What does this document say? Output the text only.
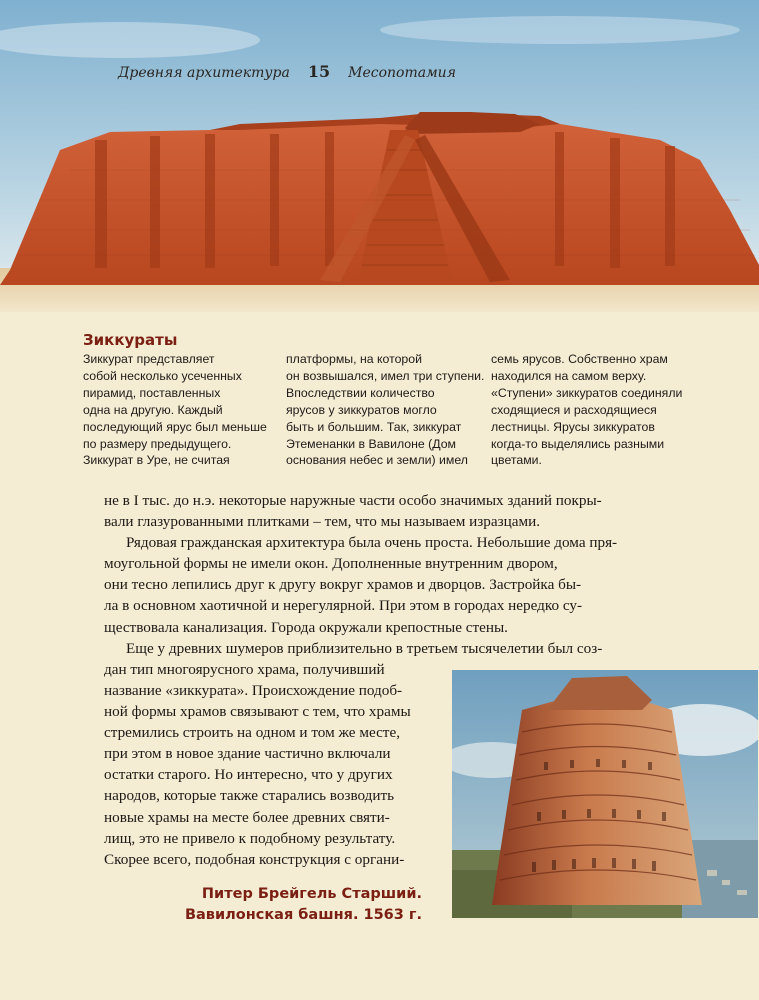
Древняя архитектура 15 Месопотамия
Зиккураты
Зиккурат представляет
собой несколько усеченных
пирамид, поставленных
одна на другую. Каждый
последующий ярус был меньше
по размеру предыдущего.
Зиккурат в Уре, не считая
платформы, на которой
он возвышался, имел три ступени.
Впоследствии количество
ярусов у зиккуратов могло
быть и большим. Так, зиккурат
Этеменанки в Вавилоне (Дом
основания небес и земли) имел
семь ярусов. Собственно храм
находился на самом верху.
«Ступени» зиккуратов соединяли
сходящиеся и расходящиеся
лестницы. Ярусы зиккуратов
когда-то выделялись разными
цветами.
не в I тыс. до н.э. некоторые наружные части особо значимых зданий покры-
вали глазурованными плитками – тем, что мы называем изразцами.
Рядовая гражданская архитектура была очень проста. Небольшие дома пря-
моугольной формы не имели окон. Дополненные внутренним двором,
они тесно лепились друг к другу вокруг храмов и дворцов. Застройка бы-
ла в основном хаотичной и нерегулярной. При этом в городах нередко су-
ществовала канализация. Города окружали крепостные стены.
Еще у древних шумеров приблизительно в третьем тысячелетии был соз-
дан тип многоярусного храма, получивший
название «зиккурата». Происхождение подоб-
ной формы храмов связывают с тем, что храмы
стремились строить на одном и том же месте,
при этом в новое здание частично включали
остатки старого. Но интересно, что у других
народов, которые также старались возводить
новые храмы на месте более древних святи-
лищ, это не привело к подобному результату.
Скорее всего, подобная конструкция с органи-
Питер Брейгель Старший.
Вавилонская башня. 1563 г.
